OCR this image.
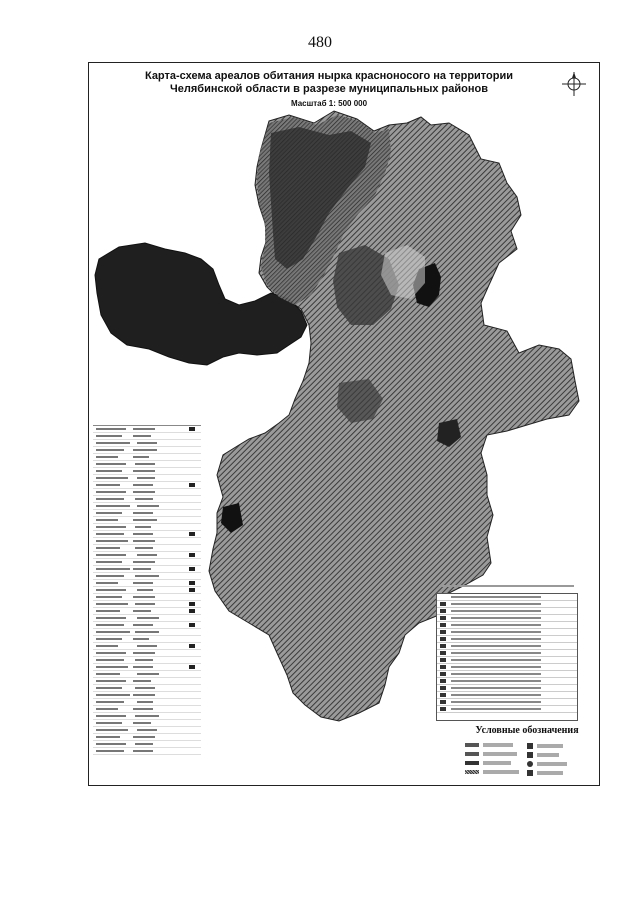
480
Карта-схема ареалов обитания нырка красноносого на территории
Челябинской области в разрезе муниципальных районов
Масштаб 1: 500 000
Условные обозначения
